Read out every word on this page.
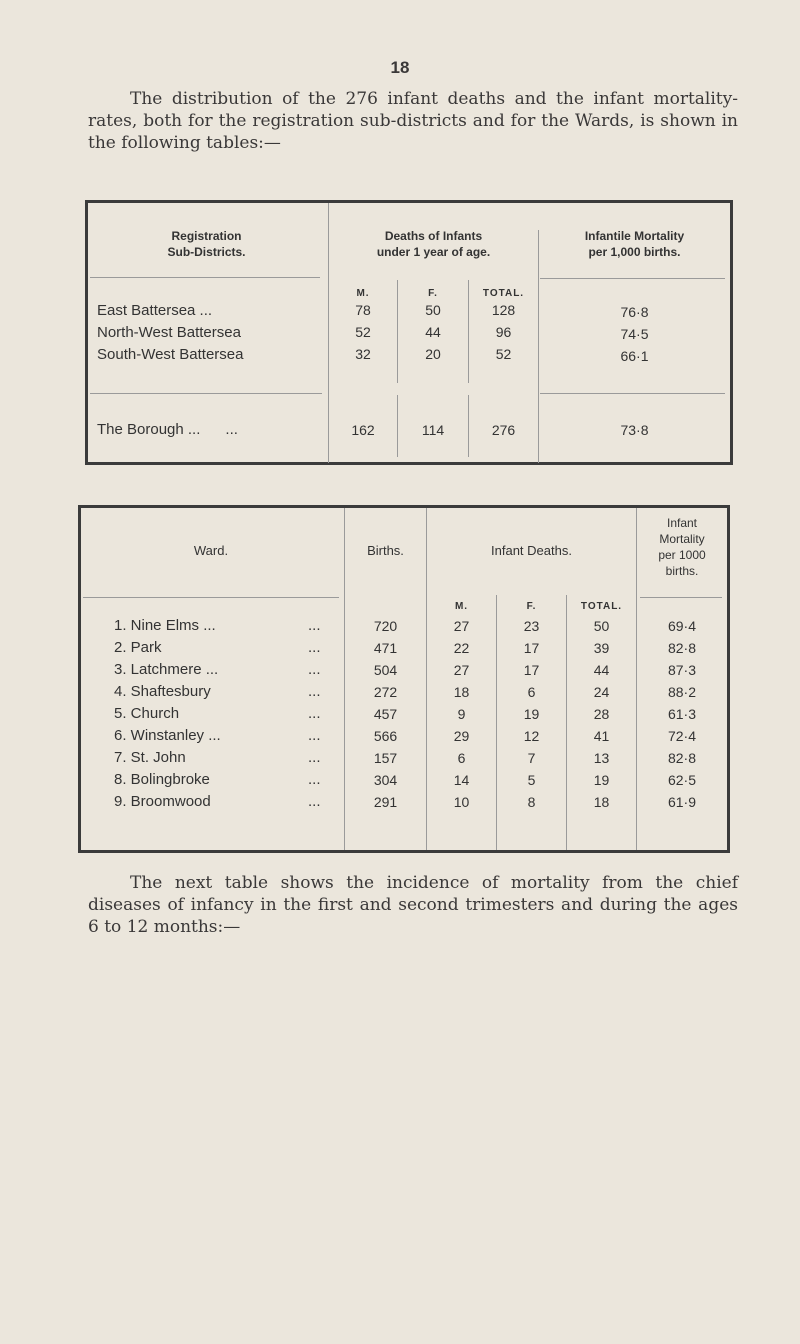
18

The distribution of the 276 infant deaths and the infant mortality-rates, both for the registration sub-districts and for the Wards, is shown in the following tables:—

Registration
Sub-Districts.
Deaths of Infants
under 1 year of age.
Infantile Mortality
per 1,000 births.
M.	F.	TOTAL.
East Battersea ...	78	50	128	76·8
North-West Battersea	52	44	96	74·5
South-West Battersea	32	20	52	66·1
The Borough ...      ...	162	114	276	73·8
Ward.	Births.	Infant Deaths.
Infant
Mortality
per 1000
births.
M.	F.	TOTAL.
1. Nine Elms ...	...	720	27	23	50	69·4
2. Park	...	471	22	17	39	82·8
3. Latchmere ...	...	504	27	17	44	87·3
4. Shaftesbury	...	272	18	6	24	88·2
5. Church	...	457	9	19	28	61·3
6. Winstanley ...	...	566	29	12	41	72·4
7. St. John	...	157	6	7	13	82·8
8. Bolingbroke	...	304	14	5	19	62·5
9. Broomwood	...	291	10	8	18	61·9

The next table shows the incidence of mortality from the chief diseases of infancy in the first and second trimesters and during the ages 6 to 12 months:—
